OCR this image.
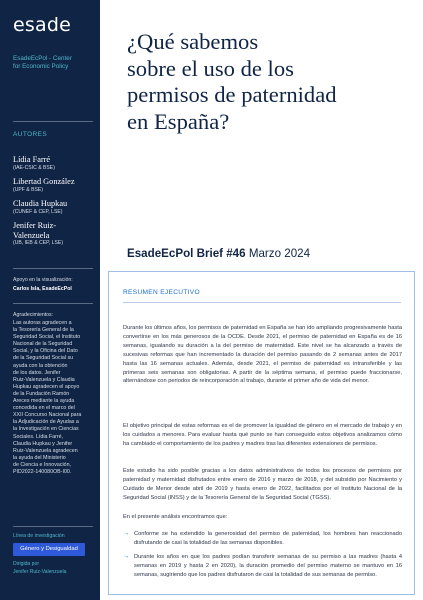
esade
EsadeEcPol - Center
for Economic Policy
AUTORES
Lídia Farré
(IAE-CSIC & BSE)
Libertad González
(UPF & BSE)
Claudia Hupkau
(CUNEF & CEP, LSE)
Jenifer Ruiz-
Valenzuela
(UB, IEB & CEP, LSE)
Apoyo en la visualización:
Carlos Isla, EsadeEcPol
Agradecimientos:
Las autoras agradecen a
la Tesorería General de la
Seguridad Social, el Instituto
Nacional de la Seguridad
Social, y la Oficina del Dato
de la Seguridad Social su
ayuda con la obtención
de los datos. Jenifer
Ruiz-Valenzuela y Claudia
Hupkau agradecen el apoyo
de la Fundación Ramón
Areces mediante la ayuda
concedida en el marco del
XXII Concurso Nacional para
la Adjudicación de Ayudas a
la Investigación en Ciencias
Sociales. Lídia Farré,
Claudia Hupkau y Jenifer
Ruiz-Valenzuela agradecen
la ayuda del Ministerio
de Ciencia e Innovación,
PID2022-140080OB-I00.
Línea de investigación
Género y Desigualdad
Dirigida por
Jenifer Ruiz-Valenzuela
¿Qué sabemos
sobre el uso de los
permisos de paternidad
en España?
EsadeEcPol Brief #46 Marzo 2024
RESUMEN EJECUTIVO

Durante los últimos años, los permisos de paternidad en España se han ido ampliando progresivamente hasta convertirse en los más generosos de la OCDE. Desde 2021, el permiso de paternidad en España es de 16 semanas, igualando su duración a la del permiso de maternidad. Este nivel se ha alcanzado a través de sucesivas reformas que han incrementado la duración del permiso pasando de 2 semanas antes de 2017 hasta las 16 semanas actuales. Además, desde 2021, el permiso de paternidad es intransferible y las primeras seis semanas son obligatorias. A partir de la séptima semana, el permiso puede fraccionarse, alternándose con periodos de reincorporación al trabajo, durante el primer año de vida del menor.

El objetivo principal de estas reformas es el de promover la igualdad de género en el mercado de trabajo y en los cuidados a menores. Para evaluar hasta qué punto se han conseguido estos objetivos analizamos cómo ha cambiado el comportamiento de los padres y madres tras las diferentes extensiones de permisos.

Este estudio ha sido posible gracias a los datos administrativos de todos los procesos de permisos por paternidad y maternidad disfrutados entre enero de 2016 y marzo de 2018, y del subsidio por Nacimiento y Cuidado de Menor desde abril de 2019 y hasta enero de 2022, facilitados por el Instituto Nacional de la Seguridad Social (INSS) y de la Tesorería General de la Seguridad Social (TGSS).

En el presente análisis encontramos que:

→ Conforme se ha extendido la generosidad del permiso de paternidad, los hombres han reaccionado disfrutando de casi la totalidad de las semanas disponibles.
→ Durante los años en que los padres podían transferir semanas de su permiso a las madres (hasta 4 semanas en 2019 y hasta 2 en 2020), la duración promedio del permiso materno se mantuvo en 16 semanas, sugiriendo que los padres disfrutaron de casi la totalidad de sus semanas de permiso.
